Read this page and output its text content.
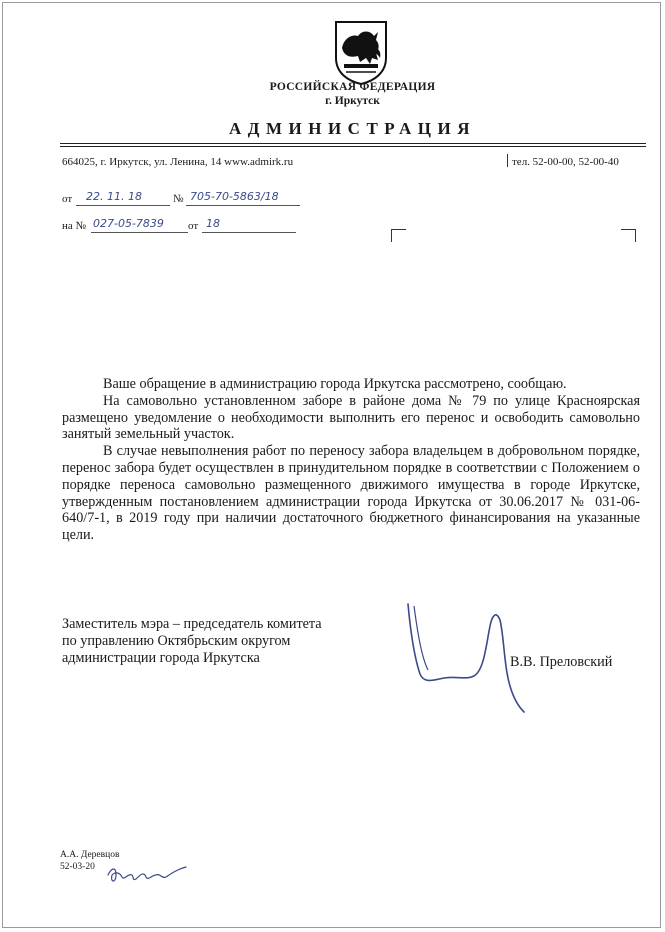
РОССИЙСКАЯ ФЕДЕРАЦИЯ
г. Иркутск
АДМИНИСТРАЦИЯ
664025, г. Иркутск, ул. Ленина, 14 www.admirk.ru	тел. 52-00-00, 52-00-40
от 22. 11. 18	№ 705-70-5863/18
на № 027-05-7839 от 18

Ваше обращение в администрацию города Иркутска рассмотрено, сообщаю.

На самовольно установленном заборе в районе дома № 79 по улице Красноярская размещено уведомление о необходимости выполнить его перенос и освободить самовольно занятый земельный участок.

В случае невыполнения работ по переносу забора владельцем в добровольном порядке, перенос забора будет осуществлен в принудительном порядке в соответствии с Положением о порядке переноса самовольно размещенного движимого имущества в городе Иркутске, утвержденным постановлением администрации города Иркутска от 30.06.2017 № 031-06-640/7-1, в 2019 году при наличии достаточного бюджетного финансирования на указанные цели.

Заместитель мэра – председатель комитета
по управлению Октябрьским округом
администрации города Иркутска	В.В. Преловский
А.А. Деревцов
52-03-20
